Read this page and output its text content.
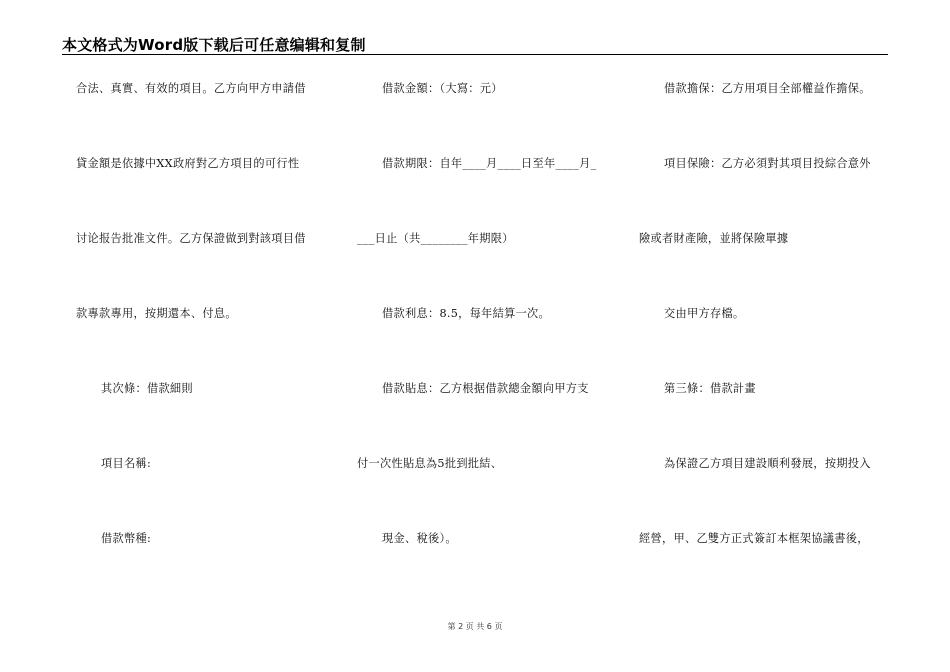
本文格式为Word版下载后可任意编辑和复制
合法、真實、有效的項目。乙方向甲方申請借
貸金額是依據中XX政府對乙方項目的可行性
讨论报告批准文件。乙方保證做到對該項目借
款專款專用，按期還本、付息。
其次條：借款細則
項目名稱:
借款幣種:
借款金額：（大寫：元）
借款期限：自年____月____日至年____月_
___日止（共________年期限）
借款利息：8.5，每年結算一次。
借款貼息：乙方根据借款總金額向甲方支
付一次性貼息為5批到批結、
現金、稅後）。
借款擔保：乙方用項目全部權益作擔保。
項目保險：乙方必須對其項目投綜合意外
險或者財產險，並將保險單據
交由甲方存檔。
第三條：借款計畫
為保證乙方項目建設順利發展，按期投入
經營，甲、乙雙方正式簽訂本框架協議書後，
第 2 页 共 6 页
